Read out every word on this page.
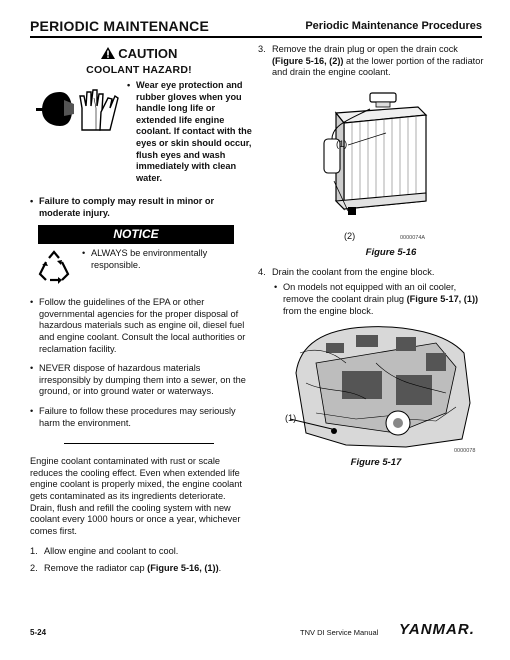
PERIODIC MAINTENANCE	Periodic Maintenance Procedures
CAUTION
COOLANT HAZARD!
• Wear eye protection and rubber gloves when you handle long life or extended life engine coolant. If contact with the eyes or skin should occur, flush eyes and wash immediately with clean water.
• Failure to comply may result in minor or moderate injury.
NOTICE
• ALWAYS be environmentally responsible.
• Follow the guidelines of the EPA or other governmental agencies for the proper disposal of hazardous materials such as engine oil, diesel fuel and engine coolant. Consult the local authorities or reclamation facility.
• NEVER dispose of hazardous materials irresponsibly by dumping them into a sewer, on the ground, or into ground water or waterways.
• Failure to follow these procedures may seriously harm the environment.
Engine coolant contaminated with rust or scale reduces the cooling effect. Even when extended life engine coolant is properly mixed, the engine coolant gets contaminated as its ingredients deteriorate. Drain, flush and refill the cooling system with new coolant every 1000 hours or once a year, whichever comes first.
1. Allow engine and coolant to cool.
2. Remove the radiator cap (Figure 5-16, (1)).
3. Remove the drain plug or open the drain cock (Figure 5-16, (2)) at the lower portion of the radiator and drain the engine coolant.
(1)
(2)	0000074A
Figure 5-16
4. Drain the coolant from the engine block.
• On models not equipped with an oil cooler, remove the coolant drain plug (Figure 5-17, (1)) from the engine block.
(1)
0000078
Figure 5-17
5-24	TNV DI Service Manual YANMAR.
